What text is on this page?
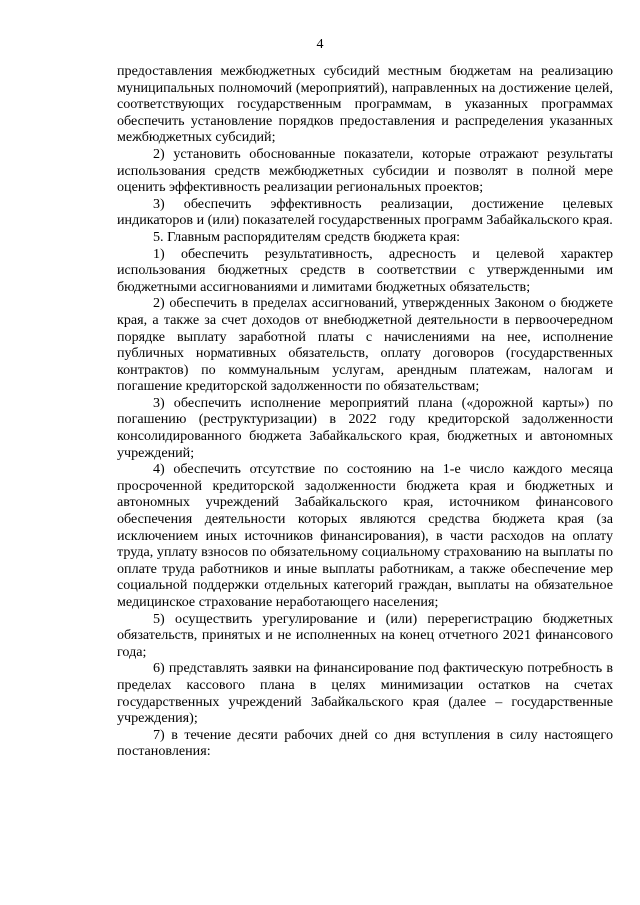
4

предоставления межбюджетных субсидий местным бюджетам на реализацию муниципальных полномочий (мероприятий), направленных на достижение целей, соответствующих государственным программам, в указанных программах обеспечить установление порядков предоставления и распределения указанных межбюджетных субсидий;

2) установить обоснованные показатели, которые отражают результаты использования средств межбюджетных субсидии и позволят в полной мере оценить эффективность реализации региональных проектов;

3) обеспечить эффективность реализации, достижение целевых индикаторов и (или) показателей государственных программ Забайкальского края.

5. Главным распорядителям средств бюджета края:

1) обеспечить результативность, адресность и целевой характер использования бюджетных средств в соответствии с утвержденными им бюджетными ассигнованиями и лимитами бюджетных обязательств;

2) обеспечить в пределах ассигнований, утвержденных Законом о бюджете края, а также за счет доходов от внебюджетной деятельности в первоочередном порядке выплату заработной платы с начислениями на нее, исполнение публичных нормативных обязательств, оплату договоров (государственных контрактов) по коммунальным услугам, арендным платежам, налогам и погашение кредиторской задолженности по обязательствам;

3) обеспечить исполнение мероприятий плана («дорожной карты») по погашению (реструктуризации) в 2022 году кредиторской задолженности консолидированного бюджета Забайкальского края, бюджетных и автономных учреждений;

4) обеспечить отсутствие по состоянию на 1-е число каждого месяца просроченной кредиторской задолженности бюджета края и бюджетных и автономных учреждений Забайкальского края, источником финансового обеспечения деятельности которых являются средства бюджета края (за исключением иных источников финансирования), в части расходов на оплату труда, уплату взносов по обязательному социальному страхованию на выплаты по оплате труда работников и иные выплаты работникам, а также обеспечение мер социальной поддержки отдельных категорий граждан, выплаты на обязательное медицинское страхование неработающего населения;

5) осуществить урегулирование и (или) перерегистрацию бюджетных обязательств, принятых и не исполненных на конец отчетного 2021 финансового года;

6) представлять заявки на финансирование под фактическую потребность в пределах кассового плана в целях минимизации остатков на счетах государственных учреждений Забайкальского края (далее – государственные учреждения);

7) в течение десяти рабочих дней со дня вступления в силу настоящего постановления:
